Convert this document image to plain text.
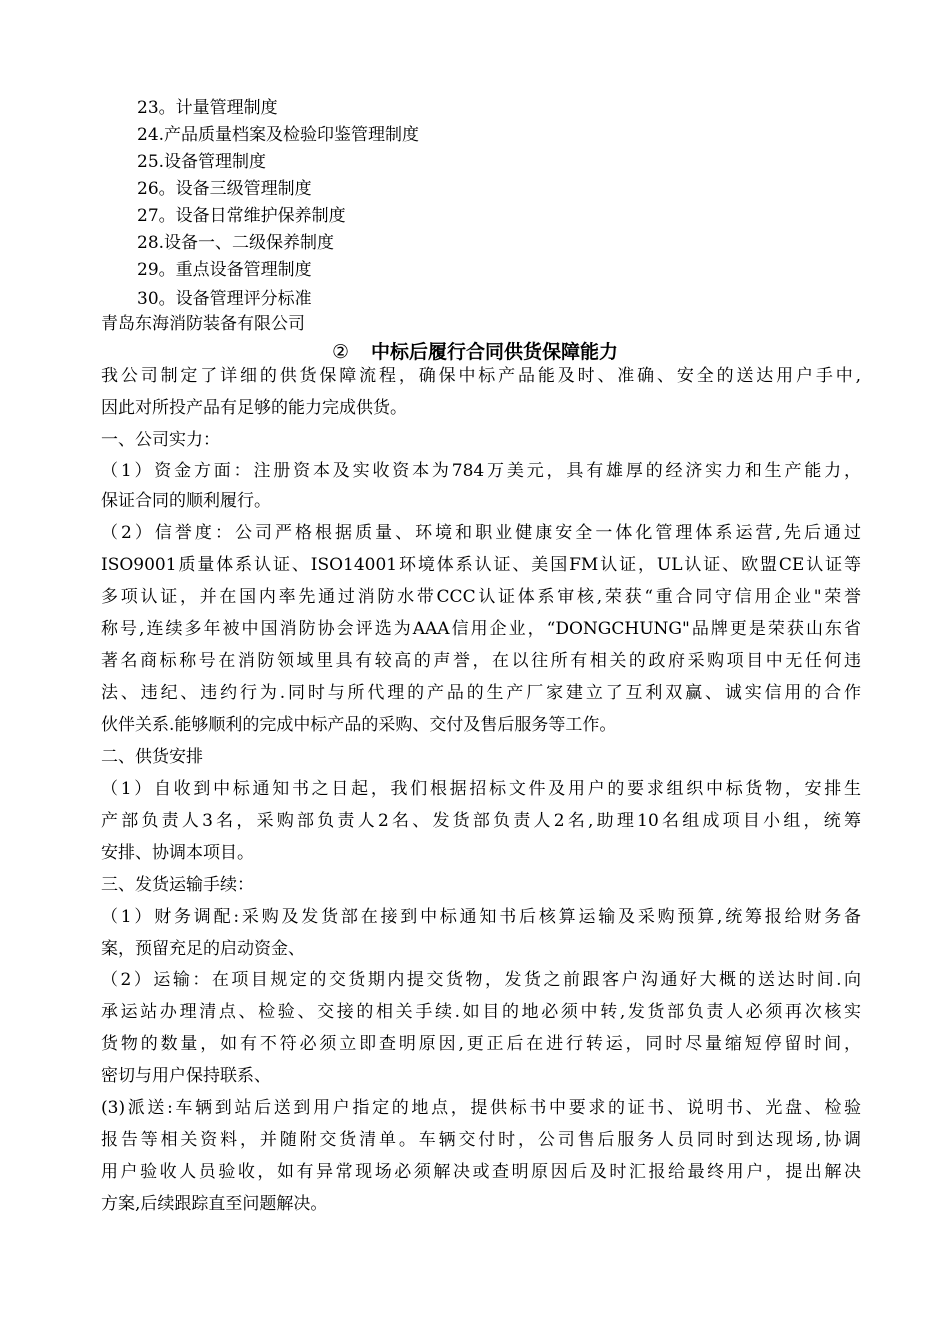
23。计量管理制度
24.产品质量档案及检验印鉴管理制度
25.设备管理制度
26。设备三级管理制度
27。设备日常维护保养制度
28.设备一、二级保养制度
29。重点设备管理制度
30。设备管理评分标准
青岛东海消防装备有限公司
② 中标后履行合同供货保障能力
我公司制定了详细的供货保障流程，确保中标产品能及时、准确、安全的送达用户手中,
因此对所投产品有足够的能力完成供货。
一、公司实力：
（1）资金方面：注册资本及实收资本为784万美元，具有雄厚的经济实力和生产能力，
保证合同的顺利履行。
（2）信誉度：公司严格根据质量、环境和职业健康安全一体化管理体系运营,先后通过
ISO9001质量体系认证、ISO14001环境体系认证、美国FM认证，UL认证、欧盟CE认证等
多项认证，并在国内率先通过消防水带CCC认证体系审核,荣获“重合同守信用企业"荣誉
称号,连续多年被中国消防协会评选为AAA信用企业，“DONGCHUNG"品牌更是荣获山东省
著名商标称号在消防领域里具有较高的声誉，在以往所有相关的政府采购项目中无任何违
法、违纪、违约行为.同时与所代理的产品的生产厂家建立了互利双赢、诚实信用的合作
伙伴关系.能够顺利的完成中标产品的采购、交付及售后服务等工作。
二、供货安排
（1）自收到中标通知书之日起，我们根据招标文件及用户的要求组织中标货物，安排生
产部负责人3名，采购部负责人2名、发货部负责人2名,助理10名组成项目小组，统筹
安排、协调本项目。
三、发货运输手续：
（1）财务调配:采购及发货部在接到中标通知书后核算运输及采购预算,统筹报给财务备
案，预留充足的启动资金、
（2）运输：在项目规定的交货期内提交货物，发货之前跟客户沟通好大概的送达时间.向
承运站办理清点、检验、交接的相关手续.如目的地必须中转,发货部负责人必须再次核实
货物的数量，如有不符必须立即查明原因,更正后在进行转运，同时尽量缩短停留时间，
密切与用户保持联系、
(3)派送:车辆到站后送到用户指定的地点，提供标书中要求的证书、说明书、光盘、检验
报告等相关资料，并随附交货清单。车辆交付时，公司售后服务人员同时到达现场,协调
用户验收人员验收，如有异常现场必须解决或查明原因后及时汇报给最终用户，提出解决
方案,后续跟踪直至问题解决。
